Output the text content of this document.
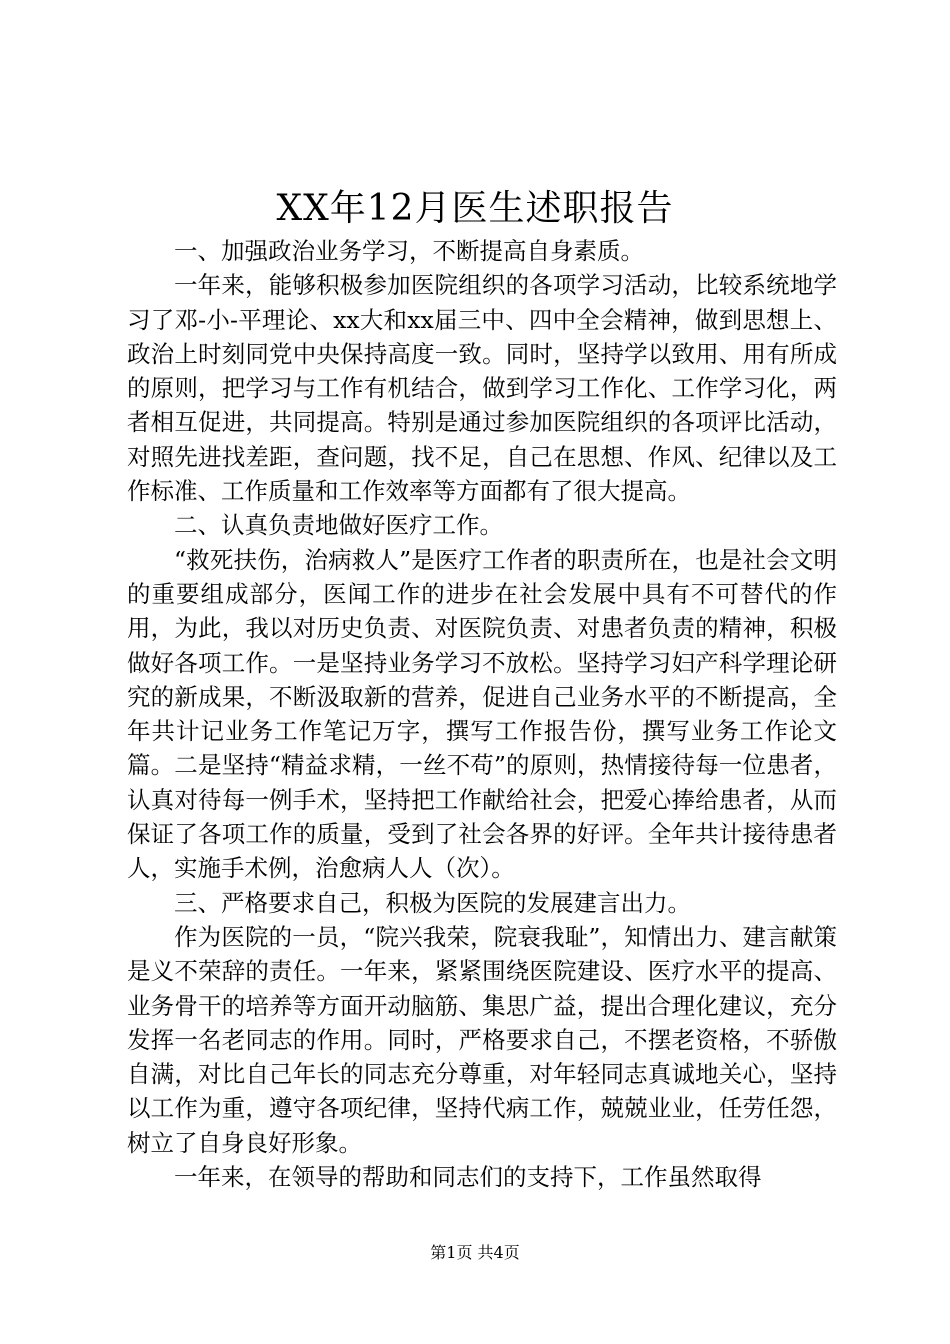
XX年12月医生述职报告

一、加强政治业务学习，不断提高自身素质。

一年来，能够积极参加医院组织的各项学习活动，比较系统地学习了邓-小-平理论、xx大和xx届三中、四中全会精神，做到思想上、政治上时刻同党中央保持高度一致。同时，坚持学以致用、用有所成的原则，把学习与工作有机结合，做到学习工作化、工作学习化，两者相互促进，共同提高。特别是通过参加医院组织的各项评比活动，对照先进找差距，查问题，找不足，自己在思想、作风、纪律以及工作标准、工作质量和工作效率等方面都有了很大提高。

二、认真负责地做好医疗工作。

“救死扶伤，治病救人”是医疗工作者的职责所在，也是社会文明的重要组成部分，医闻工作的进步在社会发展中具有不可替代的作用，为此，我以对历史负责、对医院负责、对患者负责的精神，积极做好各项工作。一是坚持业务学习不放松。坚持学习妇产科学理论研究的新成果，不断汲取新的营养，促进自己业务水平的不断提高，全年共计记业务工作笔记万字，撰写工作报告份，撰写业务工作论文篇。二是坚持“精益求精，一丝不苟”的原则，热情接待每一位患者，认真对待每一例手术，坚持把工作献给社会，把爱心捧给患者，从而保证了各项工作的质量，受到了社会各界的好评。全年共计接待患者人，实施手术例，治愈病人人（次）。

三、严格要求自己，积极为医院的发展建言出力。

作为医院的一员，“院兴我荣，院衰我耻”，知情出力、建言献策是义不荣辞的责任。一年来，紧紧围绕医院建设、医疗水平的提高、业务骨干的培养等方面开动脑筋、集思广益，提出合理化建议，充分发挥一名老同志的作用。同时，严格要求自己，不摆老资格，不骄傲自满，对比自己年长的同志充分尊重，对年轻同志真诚地关心，坚持以工作为重，遵守各项纪律，坚持代病工作，兢兢业业，任劳任怨，树立了自身良好形象。

一年来，在领导的帮助和同志们的支持下，工作虽然取得

第1页 共4页
